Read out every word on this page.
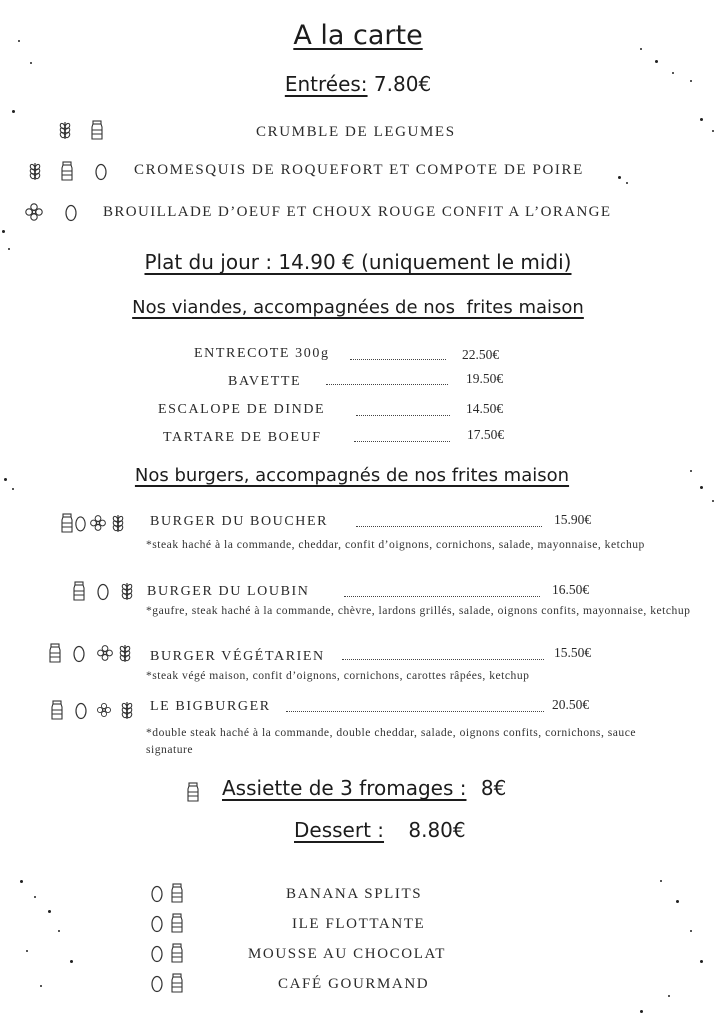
A la carte
Entrées: 7.80€

CRUMBLE DE LEGUMES

CROMESQUIS DE ROQUEFORT ET COMPOTE DE POIRE

BROUILLADE D’OEUF ET CHOUX ROUGE CONFIT A L’ORANGE
Plat du jour : 14.90 € (uniquement le midi)
Nos viandes, accompagnées de nos  frites maison
ENTRECOTE 300g	22.50€
BAVETTE	19.50€
ESCALOPE DE DINDE	14.50€
TARTARE DE BOEUF	17.50€
Nos burgers, accompagnés de nos frites maison
BURGER DU BOUCHER	15.90€
*steak haché à la commande, cheddar, confit d’oignons, cornichons, salade, mayonnaise, ketchup
BURGER DU LOUBIN	16.50€
*gaufre, steak haché à la commande, chèvre, lardons grillés, salade, oignons confits, mayonnaise, ketchup
BURGER VÉGÉTARIEN	15.50€
*steak végé maison, confit d’oignons, cornichons, carottes râpées, ketchup
LE BIGBURGER	20.50€
*double steak haché à la commande, double cheddar, salade, oignons confits, cornichons, sauce signature
Assiette de 3 fromages : 8€
Dessert : 8.80€
BANANA SPLITS
ILE FLOTTANTE
MOUSSE AU CHOCOLAT
CAFÉ GOURMAND
